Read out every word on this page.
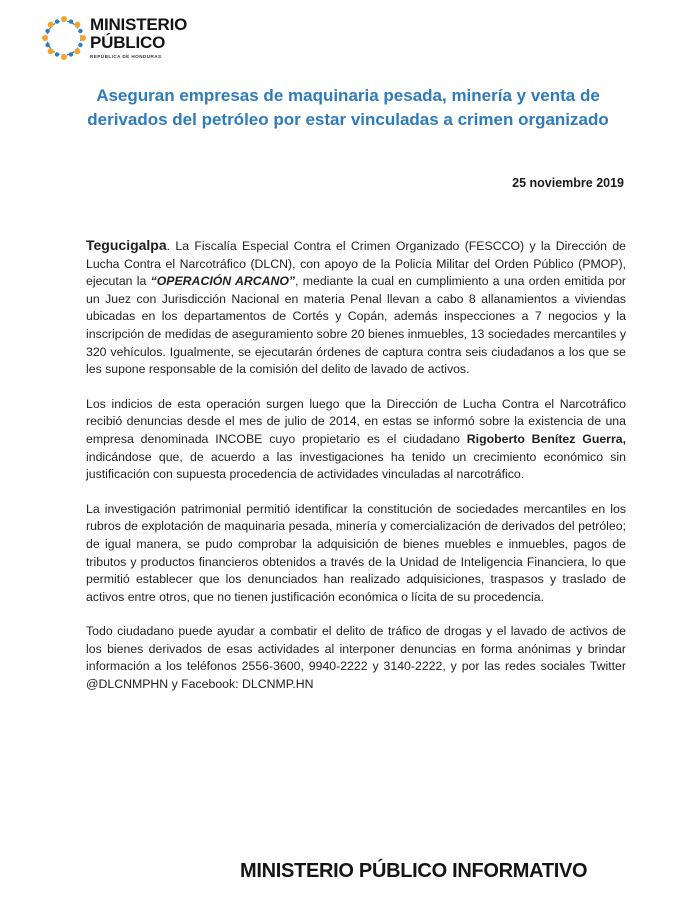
MINISTERIO
PÚBLICO
REPÚBLICA DE HONDURAS
Aseguran empresas de maquinaria pesada, minería y venta de
derivados del petróleo por estar vinculadas a crimen organizado
25 noviembre 2019

Tegucigalpa. La Fiscalía Especial Contra el Crimen Organizado (FESCCO) y la Dirección de Lucha Contra el Narcotráfico (DLCN), con apoyo de la Policía Militar del Orden Público (PMOP), ejecutan la “OPERACIÓN ARCANO”, mediante la cual en cumplimiento a una orden emitida por un Juez con Jurisdicción Nacional en materia Penal llevan a cabo 8 allanamientos a viviendas ubicadas en los departamentos de Cortés y Copán, además inspecciones a 7 negocios y la inscripción de medidas de aseguramiento sobre 20 bienes inmuebles, 13 sociedades mercantiles y 320 vehículos. Igualmente, se ejecutarán órdenes de captura contra seis ciudadanos a los que se les supone responsable de la comisión del delito de lavado de activos.

Los indicios de esta operación surgen luego que la Dirección de Lucha Contra el Narcotráfico recibió denuncias desde el mes de julio de 2014, en estas se informó sobre la existencia de una empresa denominada INCOBE cuyo propietario es el ciudadano Rigoberto Benítez Guerra, indicándose que, de acuerdo a las investigaciones ha tenido un crecimiento económico sin justificación con supuesta procedencia de actividades vinculadas al narcotráfico.

La investigación patrimonial permitió identificar la constitución de sociedades mercantiles en los rubros de explotación de maquinaria pesada, minería y comercialización de derivados del petróleo; de igual manera, se pudo comprobar la adquisición de bienes muebles e inmuebles, pagos de tributos y productos financieros obtenidos a través de la Unidad de Inteligencia Financiera, lo que permitió establecer que los denunciados han realizado adquisiciones, traspasos y traslado de activos entre otros, que no tienen justificación económica o lícita de su procedencia.

Todo ciudadano puede ayudar a combatir el delito de tráfico de drogas y el lavado de activos de los bienes derivados de esas actividades al interponer denuncias en forma anónimas y brindar información a los teléfonos 2556-3600, 9940-2222 y 3140-2222, y por las redes sociales Twitter @DLCNMPHN y Facebook: DLCNMP.HN

MINISTERIO PÚBLICO INFORMATIVO
